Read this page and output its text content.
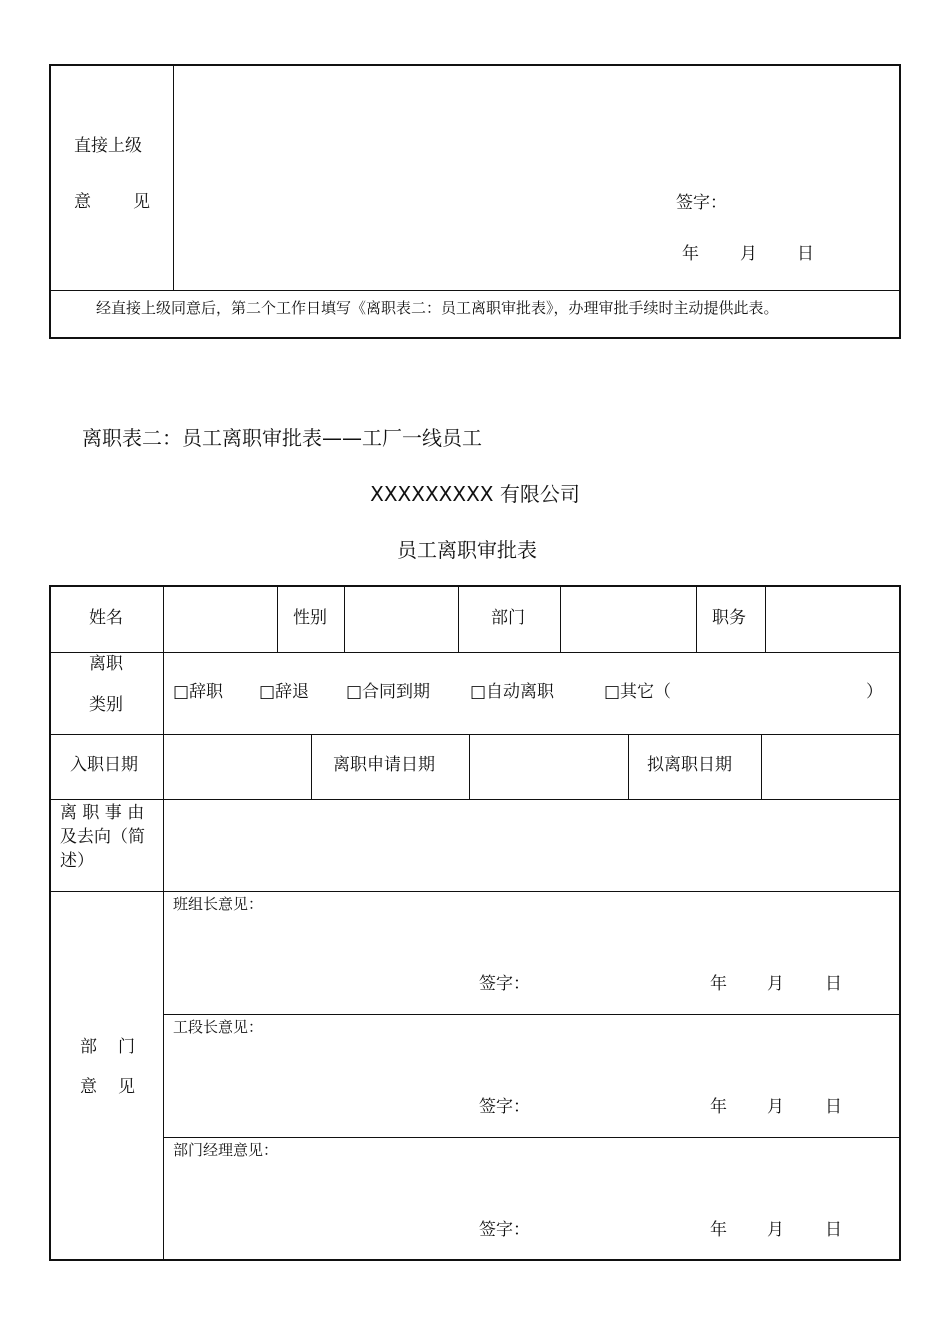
直接上级
意 见	签字：
年 月 日
经直接上级同意后，第二个工作日填写《离职表二：员工离职审批表》，办理审批手续时主动提供此表。
离职表二：员工离职审批表——工厂一线员工
XXXXXXXXX 有限公司
员工离职审批表
姓名	性别	部门	职务
离职
类别
□辞职 □辞退 □合同到期 □自动离职	□其它（	）
入职日期	离职申请日期	拟离职日期
离 职 事 由
及去向（简
述）
部 门
意 见
班组长意见：
签字：	年 月 日
工段长意见：
签字：	年 月 日
部门经理意见：
签字：	年 月 日
